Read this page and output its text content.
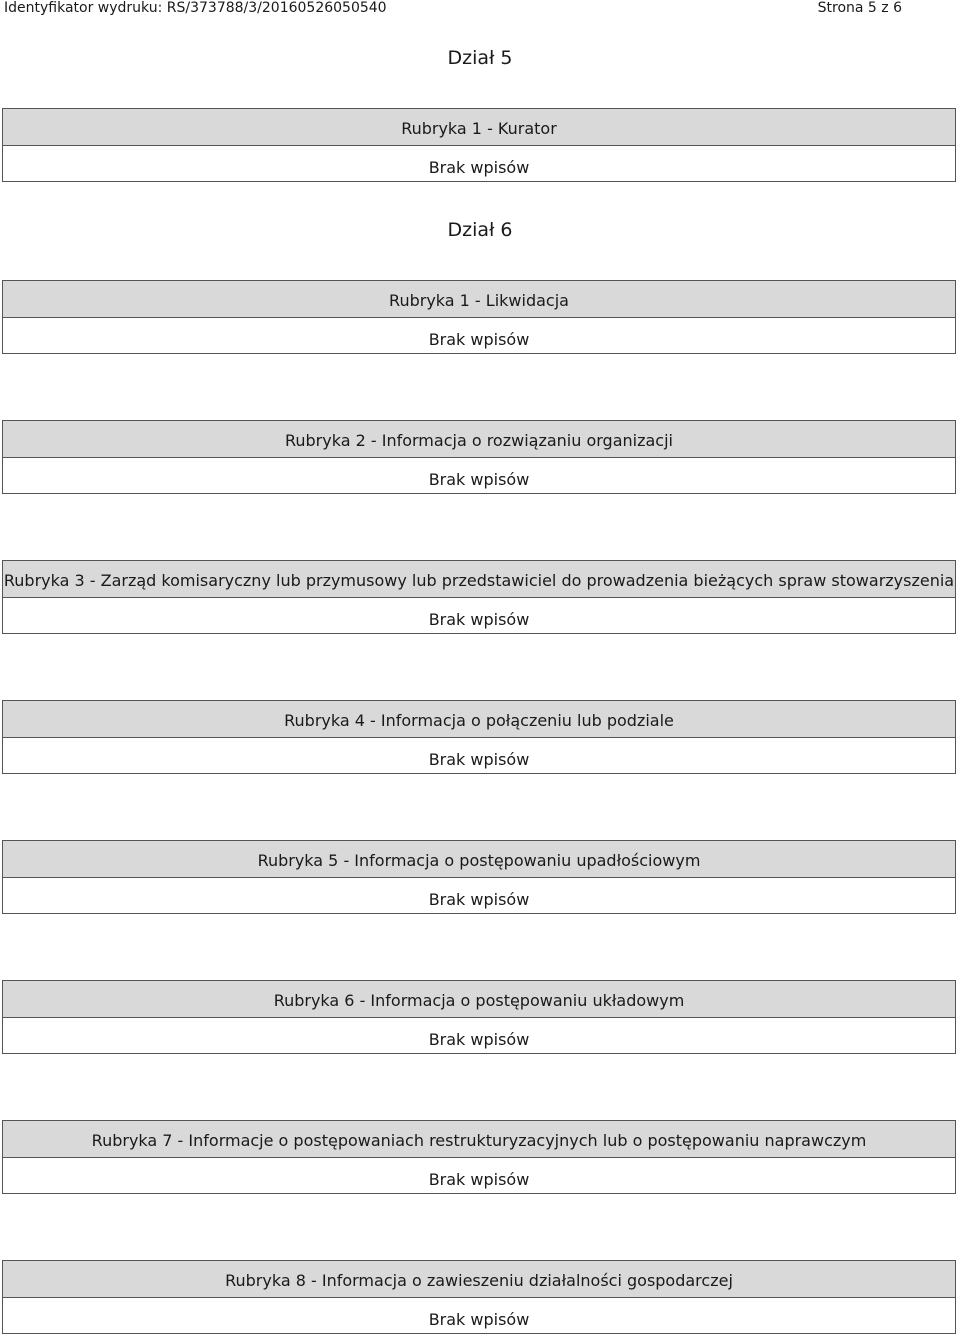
Identyfikator wydruku: RS/373788/3/20160526050540	Strona 5 z 6
Dział 5
Rubryka 1 - Kurator
Brak wpisów
Dział 6
Rubryka 1 - Likwidacja
Brak wpisów
Rubryka 2 - Informacja o rozwiązaniu organizacji
Brak wpisów
Rubryka 3 - Zarząd komisaryczny lub przymusowy lub przedstawiciel do prowadzenia bieżących spraw stowarzyszenia
Brak wpisów
Rubryka 4 - Informacja o połączeniu lub podziale
Brak wpisów
Rubryka 5 - Informacja o postępowaniu upadłościowym
Brak wpisów
Rubryka 6 - Informacja o postępowaniu układowym
Brak wpisów
Rubryka 7 - Informacje o postępowaniach restrukturyzacyjnych lub o postępowaniu naprawczym
Brak wpisów
Rubryka 8 - Informacja o zawieszeniu działalności gospodarczej
Brak wpisów
